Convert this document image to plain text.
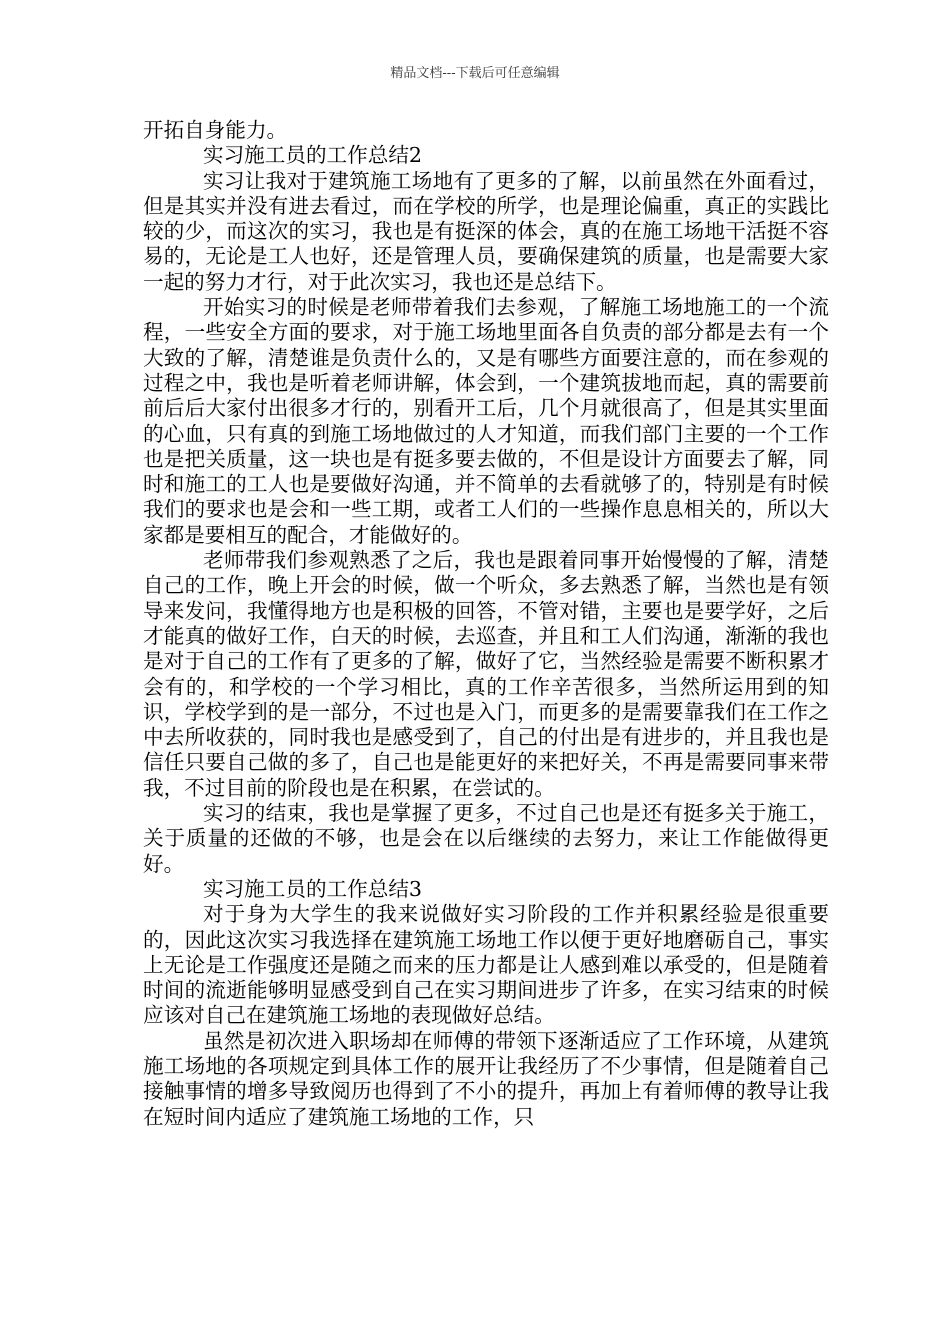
精品文档---下载后可任意编辑

开拓自身能力。

实习施工员的工作总结2

实习让我对于建筑施工场地有了更多的了解，以前虽然在外面看过，但是其实并没有进去看过，而在学校的所学，也是理论偏重，真正的实践比较的少，而这次的实习，我也是有挺深的体会，真的在施工场地干活挺不容易的，无论是工人也好，还是管理人员，要确保建筑的质量，也是需要大家一起的努力才行，对于此次实习，我也还是总结下。

开始实习的时候是老师带着我们去参观，了解施工场地施工的一个流程，一些安全方面的要求，对于施工场地里面各自负责的部分都是去有一个大致的了解，清楚谁是负责什么的，又是有哪些方面要注意的，而在参观的过程之中，我也是听着老师讲解，体会到，一个建筑拔地而起，真的需要前前后后大家付出很多才行的，别看开工后，几个月就很高了，但是其实里面的心血，只有真的到施工场地做过的人才知道，而我们部门主要的一个工作也是把关质量，这一块也是有挺多要去做的，不但是设计方面要去了解，同时和施工的工人也是要做好沟通，并不简单的去看就够了的，特别是有时候我们的要求也是会和一些工期，或者工人们的一些操作息息相关的，所以大家都是要相互的配合，才能做好的。

老师带我们参观熟悉了之后，我也是跟着同事开始慢慢的了解，清楚自己的工作，晚上开会的时候，做一个听众，多去熟悉了解，当然也是有领导来发问，我懂得地方也是积极的回答，不管对错，主要也是要学好，之后才能真的做好工作，白天的时候，去巡查，并且和工人们沟通，渐渐的我也是对于自己的工作有了更多的了解，做好了它，当然经验是需要不断积累才会有的，和学校的一个学习相比，真的工作辛苦很多，当然所运用到的知识，学校学到的是一部分，不过也是入门，而更多的是需要靠我们在工作之中去所收获的，同时我也是感受到了，自己的付出是有进步的，并且我也是信任只要自己做的多了，自己也是能更好的来把好关，不再是需要同事来带我，不过目前的阶段也是在积累，在尝试的。

实习的结束，我也是掌握了更多，不过自己也是还有挺多关于施工，关于质量的还做的不够，也是会在以后继续的去努力，来让工作能做得更好。

实习施工员的工作总结3

对于身为大学生的我来说做好实习阶段的工作并积累经验是很重要的，因此这次实习我选择在建筑施工场地工作以便于更好地磨砺自己，事实上无论是工作强度还是随之而来的压力都是让人感到难以承受的，但是随着时间的流逝能够明显感受到自己在实习期间进步了许多，在实习结束的时候应该对自己在建筑施工场地的表现做好总结。

虽然是初次进入职场却在师傅的带领下逐渐适应了工作环境，从建筑施工场地的各项规定到具体工作的展开让我经历了不少事情，但是随着自己接触事情的增多导致阅历也得到了不小的提升，再加上有着师傅的教导让我在短时间内适应了建筑施工场地的工作，只
